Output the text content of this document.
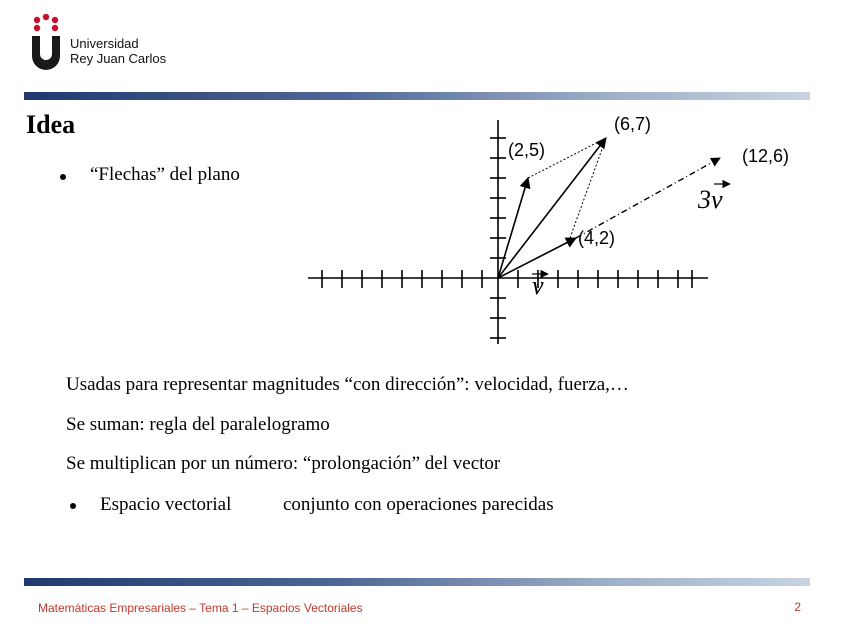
Universidad
Rey Juan Carlos
Idea
“Flechas” del plano
(2,5)
(6,7)
(12,6)
(4,2)
v
3v
Usadas para representar magnitudes “con dirección”: velocidad, fuerza,…
Se suman: regla del paralelogramo
Se multiplican por un número: “prolongación” del vector
Espacio vectorial	conjunto con operaciones parecidas
Matemáticas Empresariales – Tema 1 – Espacios Vectoriales	2
